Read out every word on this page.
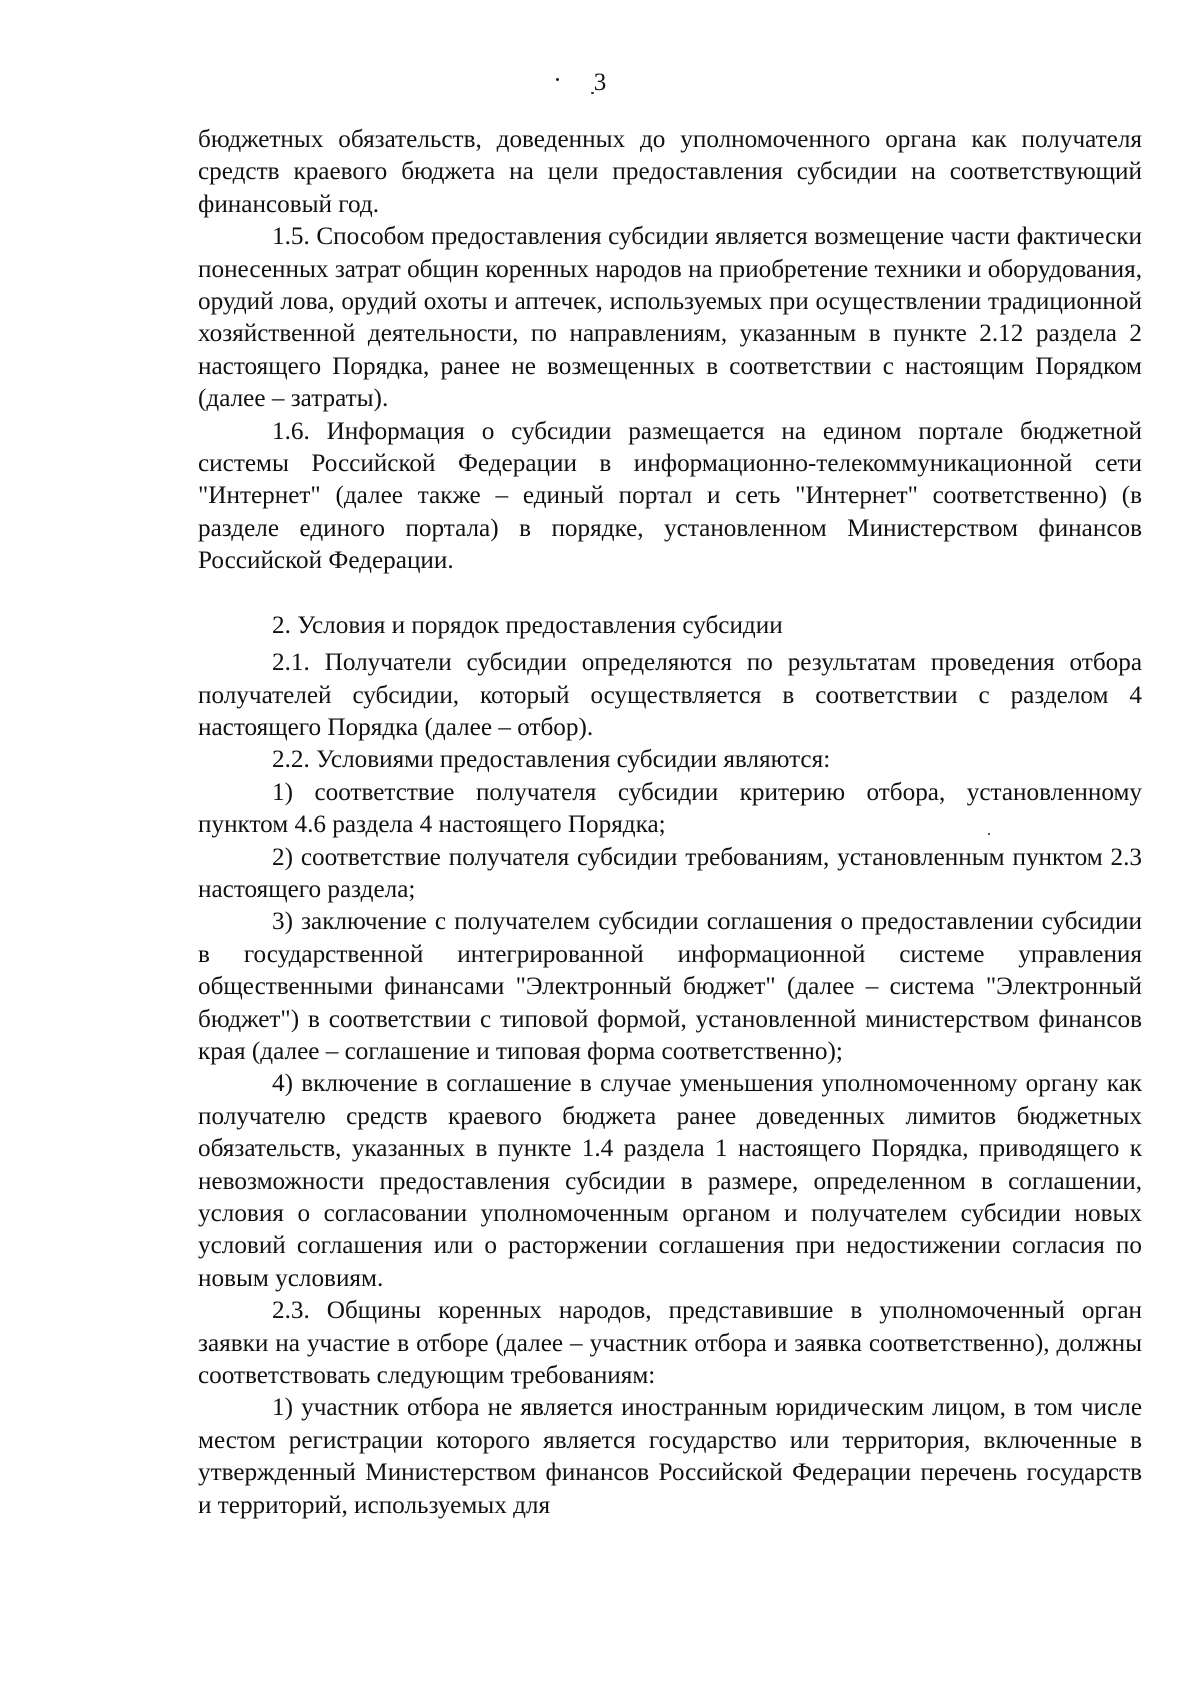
3

бюджетных обязательств, доведенных до уполномоченного органа как получателя средств краевого бюджета на цели предоставления субсидии на соответствующий финансовый год.

1.5. Способом предоставления субсидии является возмещение части фактически понесенных затрат общин коренных народов на приобретение техники и оборудования, орудий лова, орудий охоты и аптечек, используемых при осуществлении традиционной хозяйственной деятельности, по направлениям, указанным в пункте 2.12 раздела 2 настоящего Порядка, ранее не возмещенных в соответствии с настоящим Порядком (далее – затраты).

1.6. Информация о субсидии размещается на едином портале бюджетной системы Российской Федерации в информационно-телекоммуникационной сети "Интернет" (далее также – единый портал и сеть "Интернет" соответственно) (в разделе единого портала) в порядке, установленном Министерством финансов Российской Федерации.

2. Условия и порядок предоставления субсидии

2.1. Получатели субсидии определяются по результатам проведения отбора получателей субсидии, который осуществляется в соответствии с разделом 4 настоящего Порядка (далее – отбор).

2.2. Условиями предоставления субсидии являются:

1) соответствие получателя субсидии критерию отбора, установленному пунктом 4.6 раздела 4 настоящего Порядка;

2) соответствие получателя субсидии требованиям, установленным пунктом 2.3 настоящего раздела;

3) заключение с получателем субсидии соглашения о предоставлении субсидии в государственной интегрированной информационной системе управления общественными финансами "Электронный бюджет" (далее – система "Электронный бюджет") в соответствии с типовой формой, установленной министерством финансов края (далее – соглашение и типовая форма соответственно);

4) включение в соглашение в случае уменьшения уполномоченному органу как получателю средств краевого бюджета ранее доведенных лимитов бюджетных обязательств, указанных в пункте 1.4 раздела 1 настоящего Порядка, приводящего к невозможности предоставления субсидии в размере, определенном в соглашении, условия о согласовании уполномоченным органом и получателем субсидии новых условий соглашения или о расторжении соглашения при недостижении согласия по новым условиям.

2.3. Общины коренных народов, представившие в уполномоченный орган заявки на участие в отборе (далее – участник отбора и заявка соответственно), должны соответствовать следующим требованиям:

1) участник отбора не является иностранным юридическим лицом, в том числе местом регистрации которого является государство или территория, включенные в утвержденный Министерством финансов Российской Федерации перечень государств и территорий, используемых для
